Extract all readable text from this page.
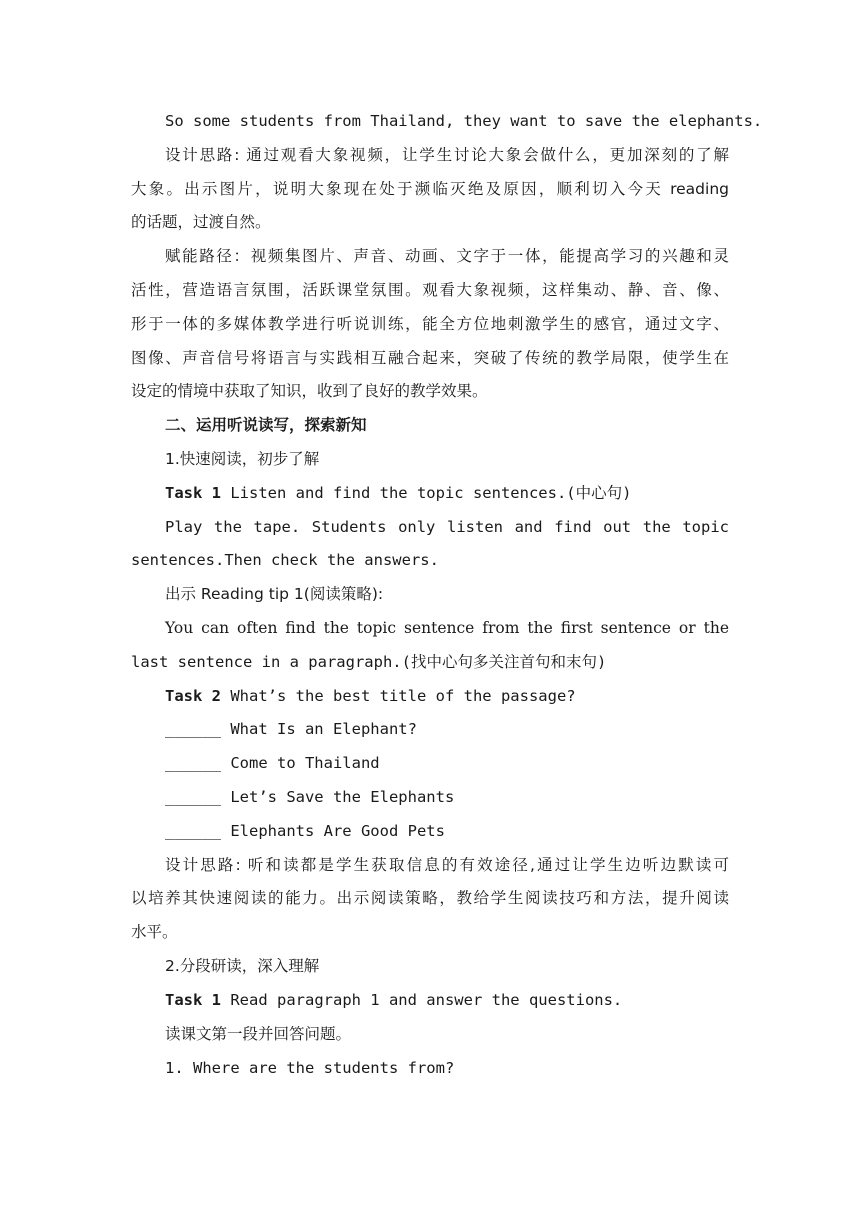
So some students from Thailand, they want to save the elephants.
设计思路: 通过观看大象视频，让学生讨论大象会做什么，更加深刻的了解
大象。出示图片，说明大象现在处于濒临灭绝及原因，顺利切入今天 reading
的话题，过渡自然。
赋能路径：视频集图片、声音、动画、文字于一体，能提高学习的兴趣和灵
活性，营造语言氛围，活跃课堂氛围。观看大象视频，这样集动、静、音、像、
形于一体的多媒体教学进行听说训练，能全方位地刺激学生的感官，通过文字、
图像、声音信号将语言与实践相互融合起来，突破了传统的教学局限，使学生在
设定的情境中获取了知识，收到了良好的教学效果。
二、运用听说读写，探索新知
1.快速阅读，初步了解
Task 1 Listen and find the topic sentences.(中心句)
Play the tape. Students only listen and find out the topic
sentences.Then check the answers.
出示 Reading tip 1(阅读策略):
You can often find the topic sentence from the first sentence or the
last sentence in a paragraph.(找中心句多关注首句和末句)
Task 2 What’s the best title of the passage?
______ What Is an Elephant?
______ Come to Thailand
______ Let’s Save the Elephants
______ Elephants Are Good Pets
设计思路: 听和读都是学生获取信息的有效途径,通过让学生边听边默读可
以培养其快速阅读的能力。出示阅读策略，教给学生阅读技巧和方法，提升阅读
水平。
2.分段研读，深入理解
Task 1 Read paragraph 1 and answer the questions.
读课文第一段并回答问题。
1. Where are the students from?
